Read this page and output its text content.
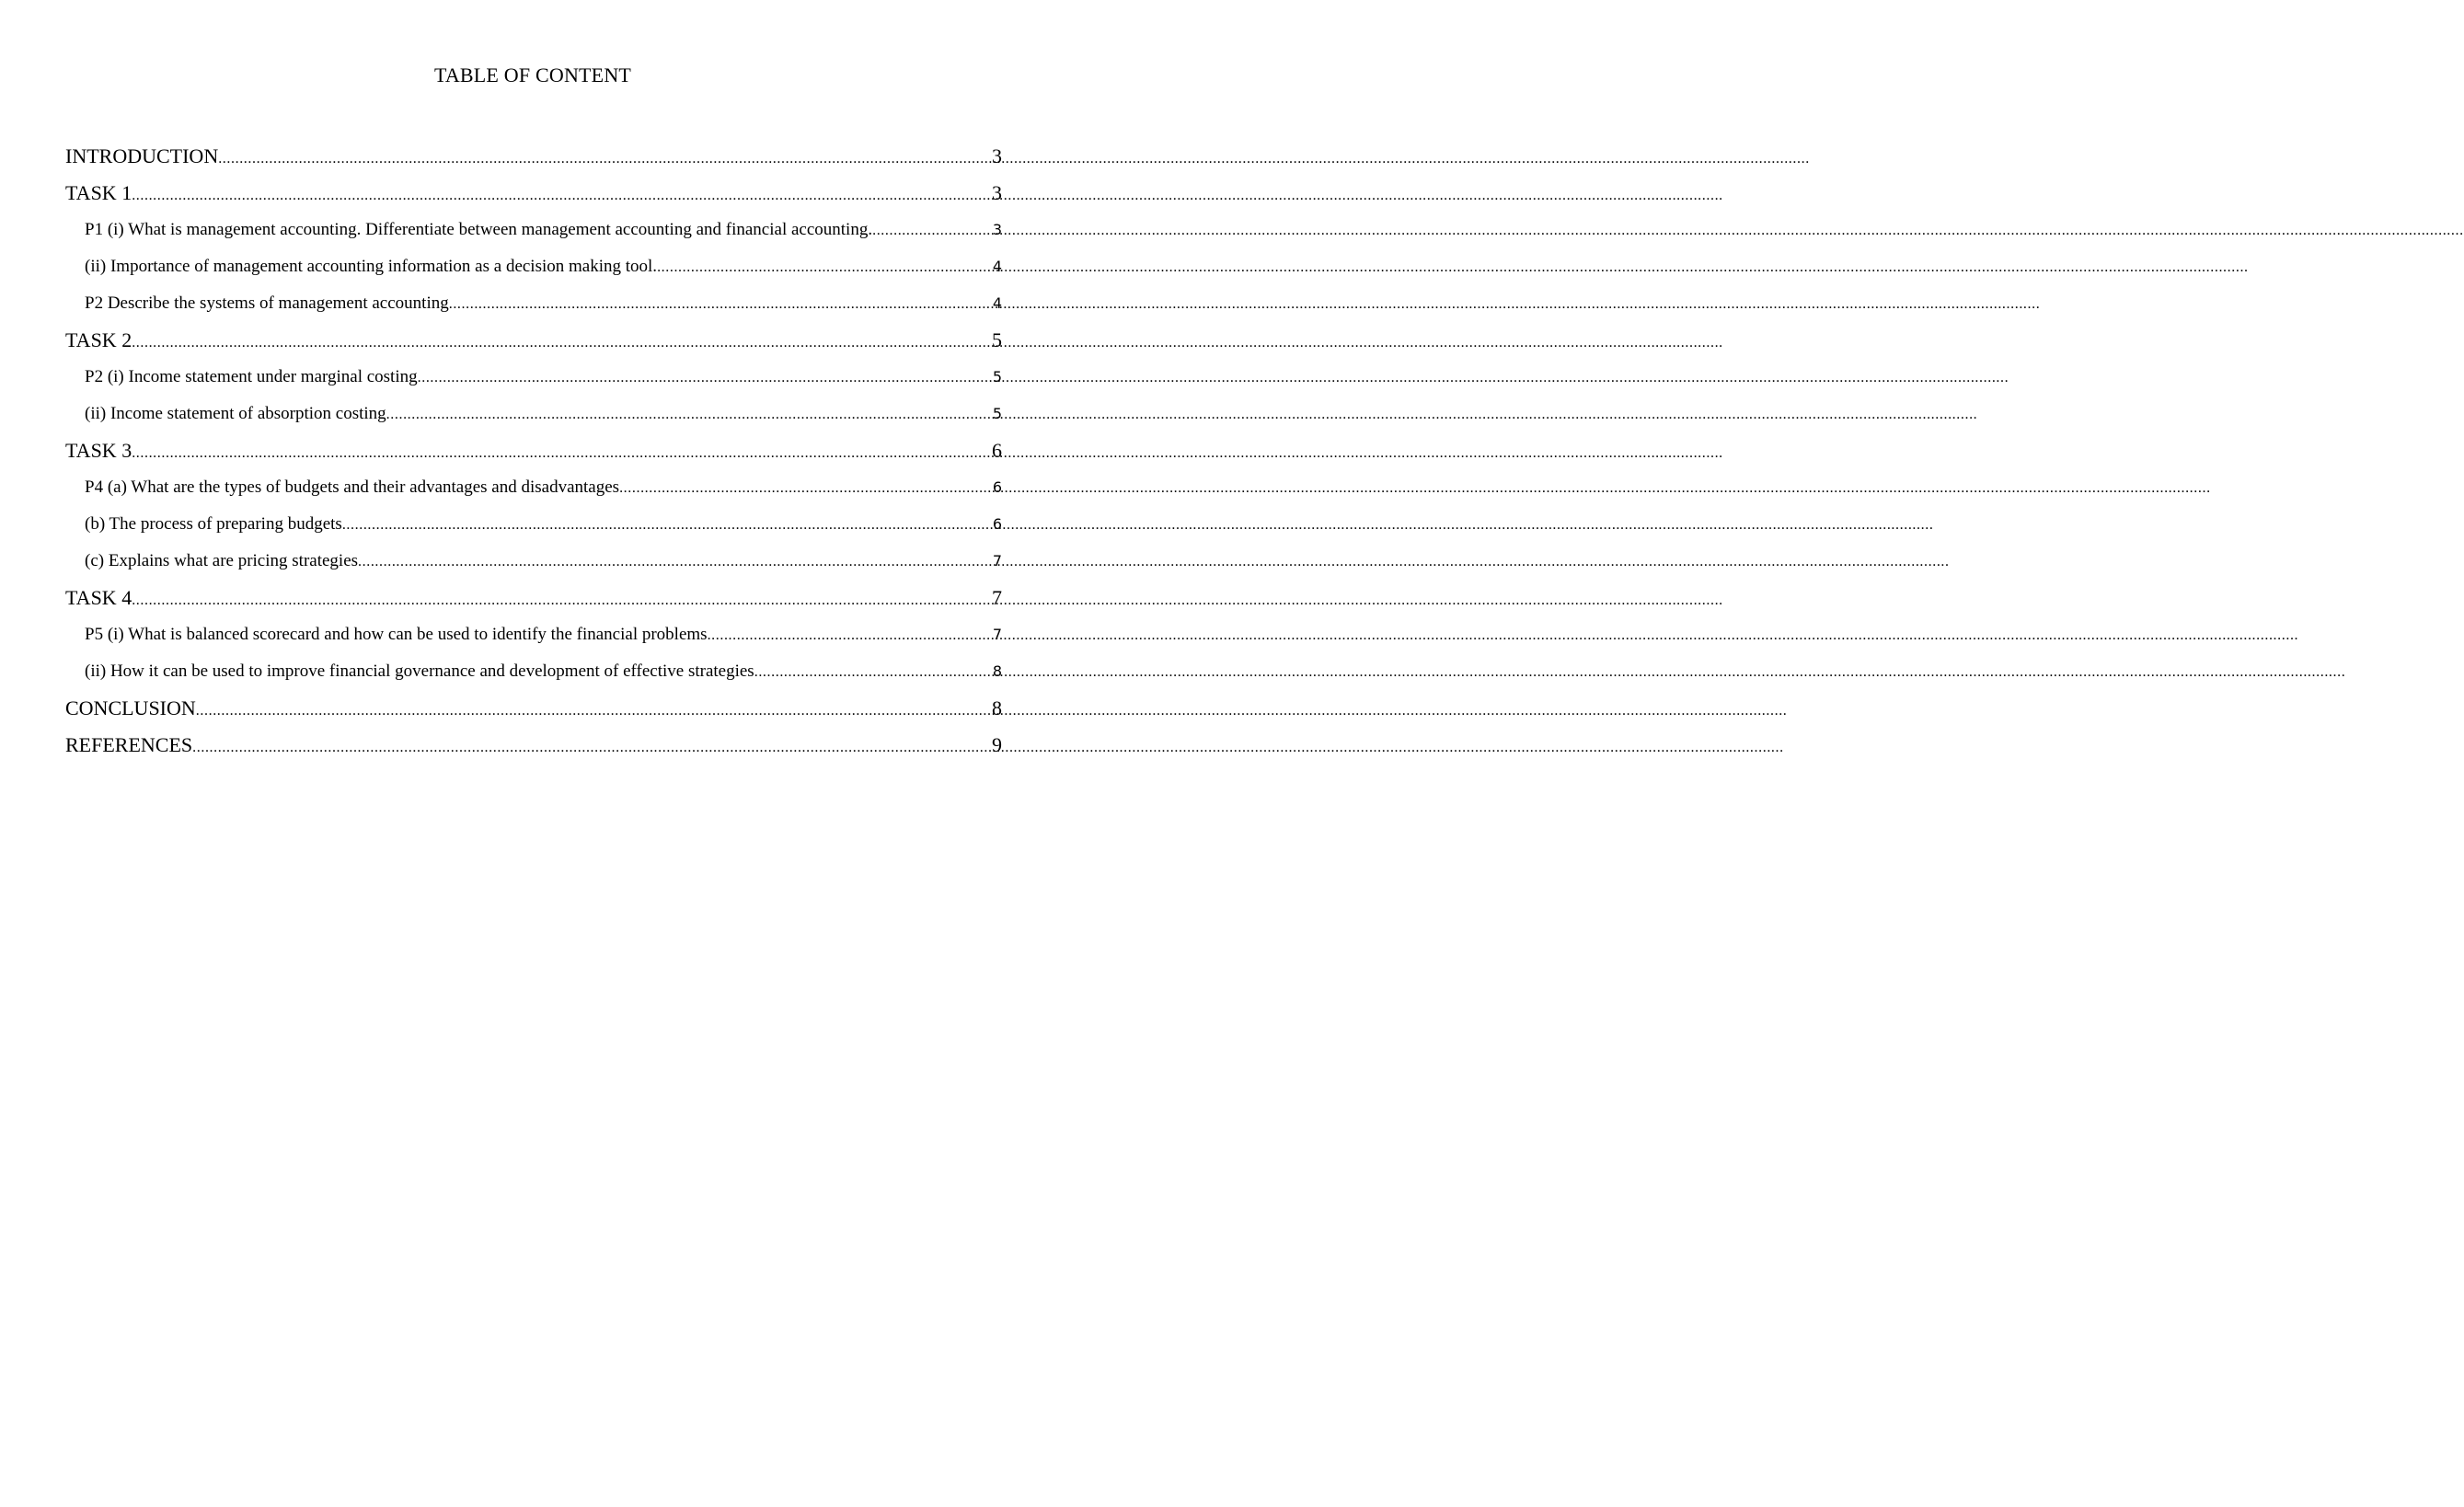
TABLE OF CONTENT
INTRODUCTION .....	3
TASK 1 .....	3
P1 (i) What is management accounting. Differentiate between management accounting and financial accounting. .....	3
(ii) Importance of management accounting information as a decision making tool. .....	4
P2 Describe the systems of management accounting .....	4
TASK 2 .....	5
P2 (i) Income statement under marginal costing .....	5
(ii) Income statement of absorption costing .....	5
TASK 3 .....	6
P4 (a) What are the types of budgets and their advantages and disadvantages .....	6
(b) The process of preparing budgets .....	6
(c) Explains what are pricing strategies .....	7
TASK 4 .....	7
P5 (i) What is balanced scorecard and how can be used to identify the financial problems .....	7
(ii) How it can be used to improve financial governance and development of effective strategies .....	8
CONCLUSION .....	8
REFERENCES .....	9
